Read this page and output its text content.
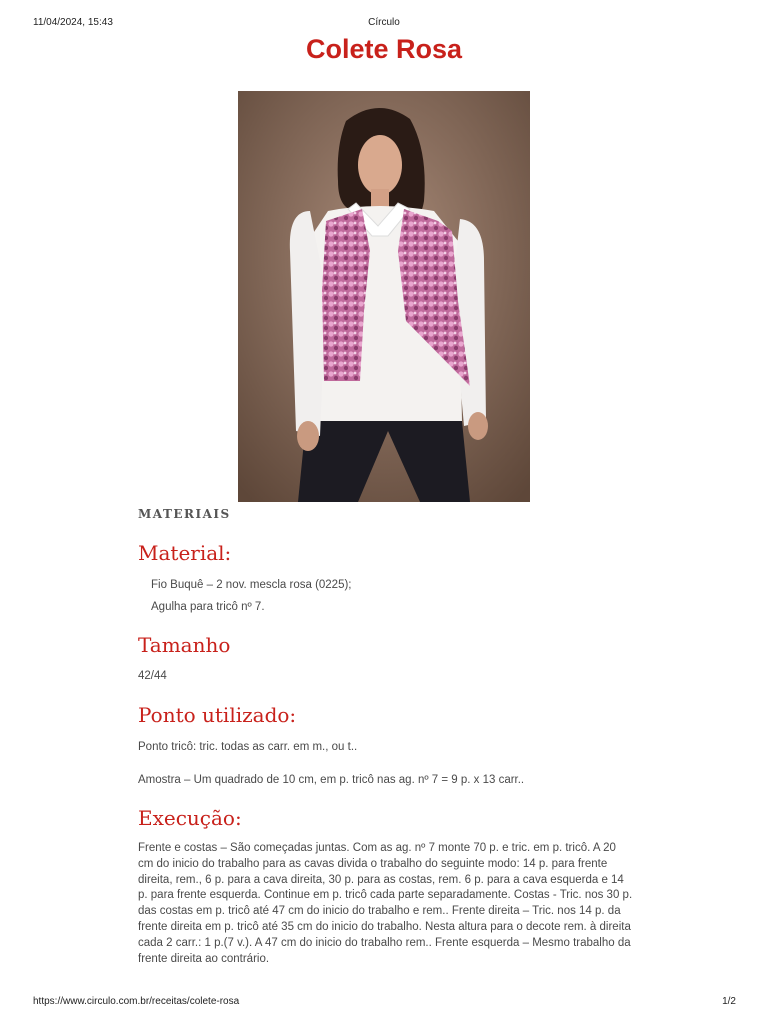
11/04/2024, 15:43	Círculo
Colete Rosa

MATERIAIS

Material:
Fio Buquê – 2 nov. mescla rosa (0225);
Agulha para tricô nº 7.
Tamanho

42/44

Ponto utilizado:

Ponto tricô: tric. todas as carr. em m., ou t..

Amostra – Um quadrado de 10 cm, em p. tricô nas ag. nº 7 = 9 p. x 13 carr..

Execução:

Frente e costas – São começadas juntas. Com as ag. nº 7 monte 70 p. e tric. em p. tricô. A 20 cm do inicio do trabalho para as cavas divida o trabalho do seguinte modo: 14 p. para frente direita, rem., 6 p. para a cava direita, 30 p. para as costas, rem. 6 p. para a cava esquerda e 14 p. para frente esquerda. Continue em p. tricô cada parte separadamente. Costas - Tric. nos 30 p. das costas em p. tricô até 47 cm do inicio do trabalho e rem.. Frente direita – Tric. nos 14 p. da frente direita em p. tricô até 35 cm do inicio do trabalho. Nesta altura para o decote rem. à direita cada 2 carr.: 1 p.(7 v.). A 47 cm do inicio do trabalho rem.. Frente esquerda – Mesmo trabalho da frente direita ao contrário.

https://www.circulo.com.br/receitas/colete-rosa	1/2
